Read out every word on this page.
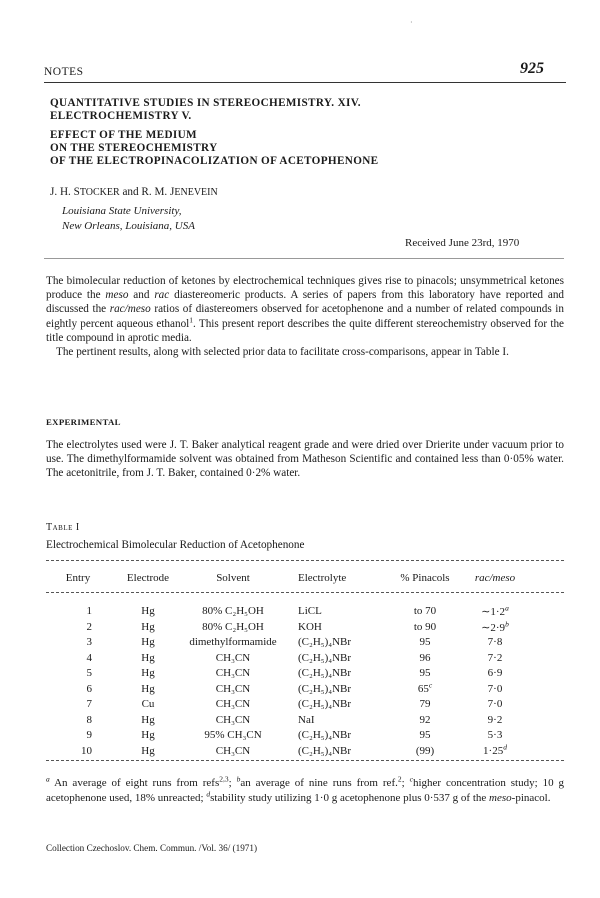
·
NOTES	925
QUANTITATIVE STUDIES IN STEREOCHEMISTRY. XIV.
ELECTROCHEMISTRY V.
EFFECT OF THE MEDIUM
ON THE STEREOCHEMISTRY
OF THE ELECTROPINACOLIZATION OF ACETOPHENONE
J. H. STOCKER and R. M. JENEVEIN
Louisiana State University,
New Orleans, Louisiana, USA
Received June 23rd, 1970

The bimolecular reduction of ketones by electrochemical techniques gives rise to pinacols; unsymmetrical ketones produce the meso and rac diastereomeric products. A series of papers from this laboratory have reported and discussed the rac/meso ratios of diastereomers observed for acetophenone and a number of related compounds in eightly percent aqueous ethanol$^1$. This present report describes the quite different stereochemistry observed for the title compound in aprotic media.

The pertinent results, along with selected prior data to facilitate cross-comparisons, appear in Table I.

EXPERIMENTAL

The electrolytes used were J. T. Baker analytical reagent grade and were dried over Drierite under vacuum prior to use. The dimethylformamide solvent was obtained from Matheson Scientific and contained less than 0·05% water. The acetonitrile, from J. T. Baker, contained 0·2% water.

Table I
Electrochemical Bimolecular Reduction of Acetophenone
Entry	Electrode	Solvent	Electrolyte	% Pinacols	rac/meso
1	Hg	80% C₂H₅OH	LiCL	to 70	$\sim 1\cdot 2^a$
2	Hg	80% C₂H₅OH	KOH	to 90	$\sim 2\cdot 9^b$
3	Hg	dimethylformamide	(C₂H₅)₄NBr	95	7·8
4	Hg	CH₃CN	(C₂H₅)₄NBr	96	7·2
5	Hg	CH₃CN	(C₂H₅)₄NBr	95	6·9
6	Hg	CH₃CN	(C₂H₅)₄NBr	65$^c$	7·0
7	Cu	CH₃CN	(C₂H₅)₄NBr	79	7·0
8	Hg	CH₃CN	NaI	92	9·2
9	Hg	95% CH₃CN	(C₂H₅)₄NBr	95	5·3
10	Hg	CH₃CN	(C₂H₅)₄NBr	(99)	$1\cdot 25^d$
$^a$ An average of eight runs from refs$^{2,3}$; $^b$an average of nine runs from ref.$^2$; $^c$higher concentration study; 10 g acetophenone used, 18% unreacted; $^d$stability study utilizing 1·0 g acetophenone plus 0·537 g of the meso-pinacol.
Collection Czechoslov. Chem. Commun. /Vol. 36/ (1971)
